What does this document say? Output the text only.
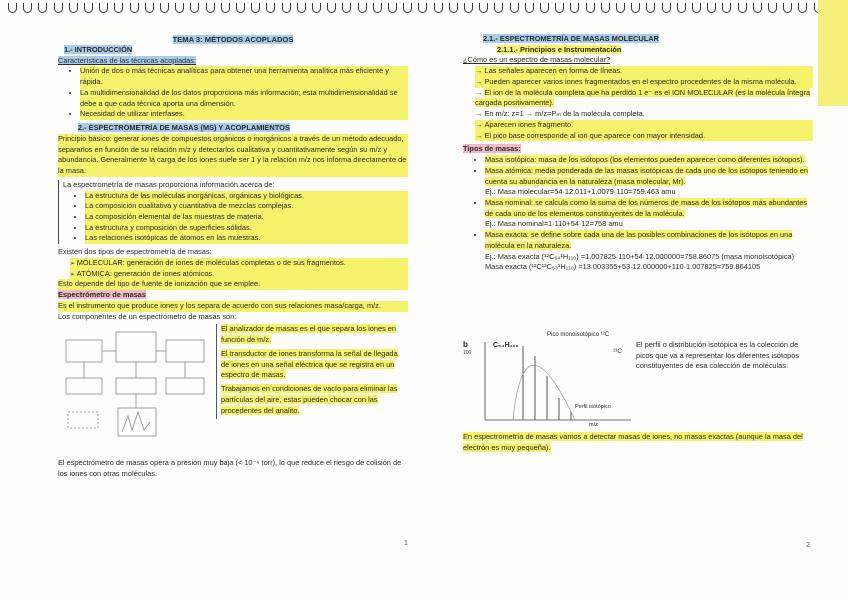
TEMA 3: MÉTODOS ACOPLADOS
1.- INTRODUCCIÓN
Características de las técnicas acopladas:
• Unión de dos o más técnicas analíticas para obtener una herramienta analítica más eficiente y rápida.
• La multidimensionalidad de los datos proporciona más información; esta multidimensionalidad se debe a que cada técnica aporta una dimensión.
• Necesidad de utilizar interfases.
2.- ESPECTROMETRÍA DE MASAS (MS) Y ACOPLAMIENTOS

Principio básico: generar iones de compuestos orgánicos o inorgánicos a través de un método adecuado, separarlos en función de su relación m/z y detectarlos cualitativa y cuantitativamente según su m/z y abundancia. Generalmente la carga de los iones suele ser 1 y la relación m/z nos informa directamente de la masa.

La espectrometría de masas proporciona información acerca de:

• La estructura de las moléculas inorgánicas, orgánicas y biológicas.
• La composición cualitativa y cuantitativa de mezclas complejas.
• La composición elemental de las muestras de materia.
• La estructura y composición de superficies sólidas.
• Las relaciones isotópicas de átomos en las muestras.

Existen dos tipos de espectrometría de masas:

➢ MOLECULAR: generación de iones de moléculas completas o de sus fragmentos.
➢ ATÓMICA: generación de iones atómicos.

Esto depende del tipo de fuente de ionización que se emplee.

Espectrómetro de masas

Es el instrumento que produce iones y los separa de acuerdo con sus relaciones masa/carga, m/z.

Los componentes de un espectrómetro de masas son:

El analizador de masas es el que separa los iones en función de m/z.

El transductor de iones transforma la señal de llegada de iones en una señal eléctrica que se registra en un espectro de masas.

Trabajamos en condiciones de vacío para eliminar las partículas del aire, estas pueden chocar con las procedentes del analito.

El espectrómetro de masas opera a presión muy baja (< 10⁻⁶ torr), lo que reduce el riesgo de colisión de los iones con otras moléculas.

1
2.1.- ESPECTROMETRÍA DE MASAS MOLECULAR
2.1.1.- Principios e Instrumentación

¿Cómo es un espectro de masas molecular?

→ Las señales aparecen en forma de líneas.
→ Pueden aparecer varios iones fragmentados en el espectro procedentes de la misma molécula.
→ El ion de la molécula completa que ha perdido 1 e⁻ es el ION MOLECULAR (es la molécula íntegra cargada positivamente).
→ En m/z: z=1 → m/z=Pₘ de la molécula completa.
→ Aparecen iones fragmento.
→ El pico base corresponde al ion que aparece con mayor intensidad.

Tipos de masas:

• Masa isotópica: masa de los isótopos (los elementos pueden aparecer como diferentes isótopos).
• Masa atómica: media ponderada de las masas isotópicas de cada uno de los isótopos teniendo en cuenta su abundancia en la naturaleza (masa molecular, Mr).
Ej.: Masa molecular=54·12.011+1.0079·110=759.463 amu
• Masa nominal: se calcula como la suma de los números de masa de los isótopos más abundantes de cada uno de los elementos constituyentes de la molécula.
Ej.: Masa nominal=1·110+54·12=758 amu
• Masa exacta: se define sobre cada una de las posibles combinaciones de los isótopos en una molécula en la naturaleza.
Ej.: Masa exacta (¹²C₅₄¹H₁₁₀) =1.007825·110+54·12.000000=758.86075 (masa monoisotópica)
Masa exacta (¹²C¹³C₅₃¹H₁₁₀) =13.003355+53·12.000000+110·1.007825=759.864105
b
100
C₅₄H₁₁₀
Pico monoisotópico ¹²C
¹³C
Perfil isotópico
m/z
El perfil o distribución isotópica es la colección de picos que va a representar los diferentes isótopos constituyentes de esa colección de moléculas.
En espectrometría de masas vamos a detectar masas de iones, no masas exactas (aunque la masa del electrón es muy pequeña).
2
